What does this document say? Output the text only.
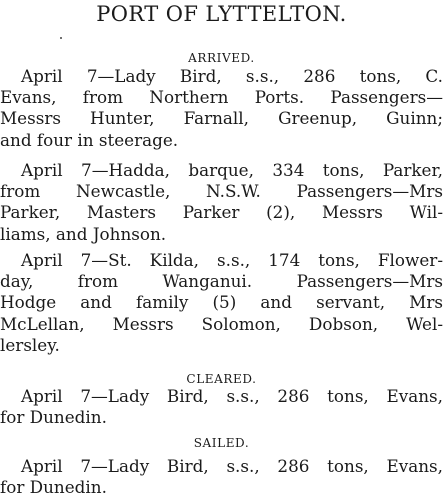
PORT OF LYTTELTON.
ARRIVED.
April 7—Lady Bird, s.s., 286 tons, C.
Evans, from Northern Ports. Passengers—
Messrs Hunter, Farnall, Greenup, Guinn;
and four in steerage.
April 7—Hadda, barque, 334 tons, Parker,
from Newcastle, N.S.W. Passengers—Mrs
Parker, Masters Parker (2), Messrs Wil-
liams, and Johnson.
April 7—St. Kilda, s.s., 174 tons, Flower-
day, from Wanganui. Passengers—Mrs
Hodge and family (5) and servant, Mrs
McLellan, Messrs Solomon, Dobson, Wel-
lersley.
CLEARED.
April 7—Lady Bird, s.s., 286 tons, Evans,
for Dunedin.
SAILED.
April 7—Lady Bird, s.s., 286 tons, Evans,
for Dunedin.
